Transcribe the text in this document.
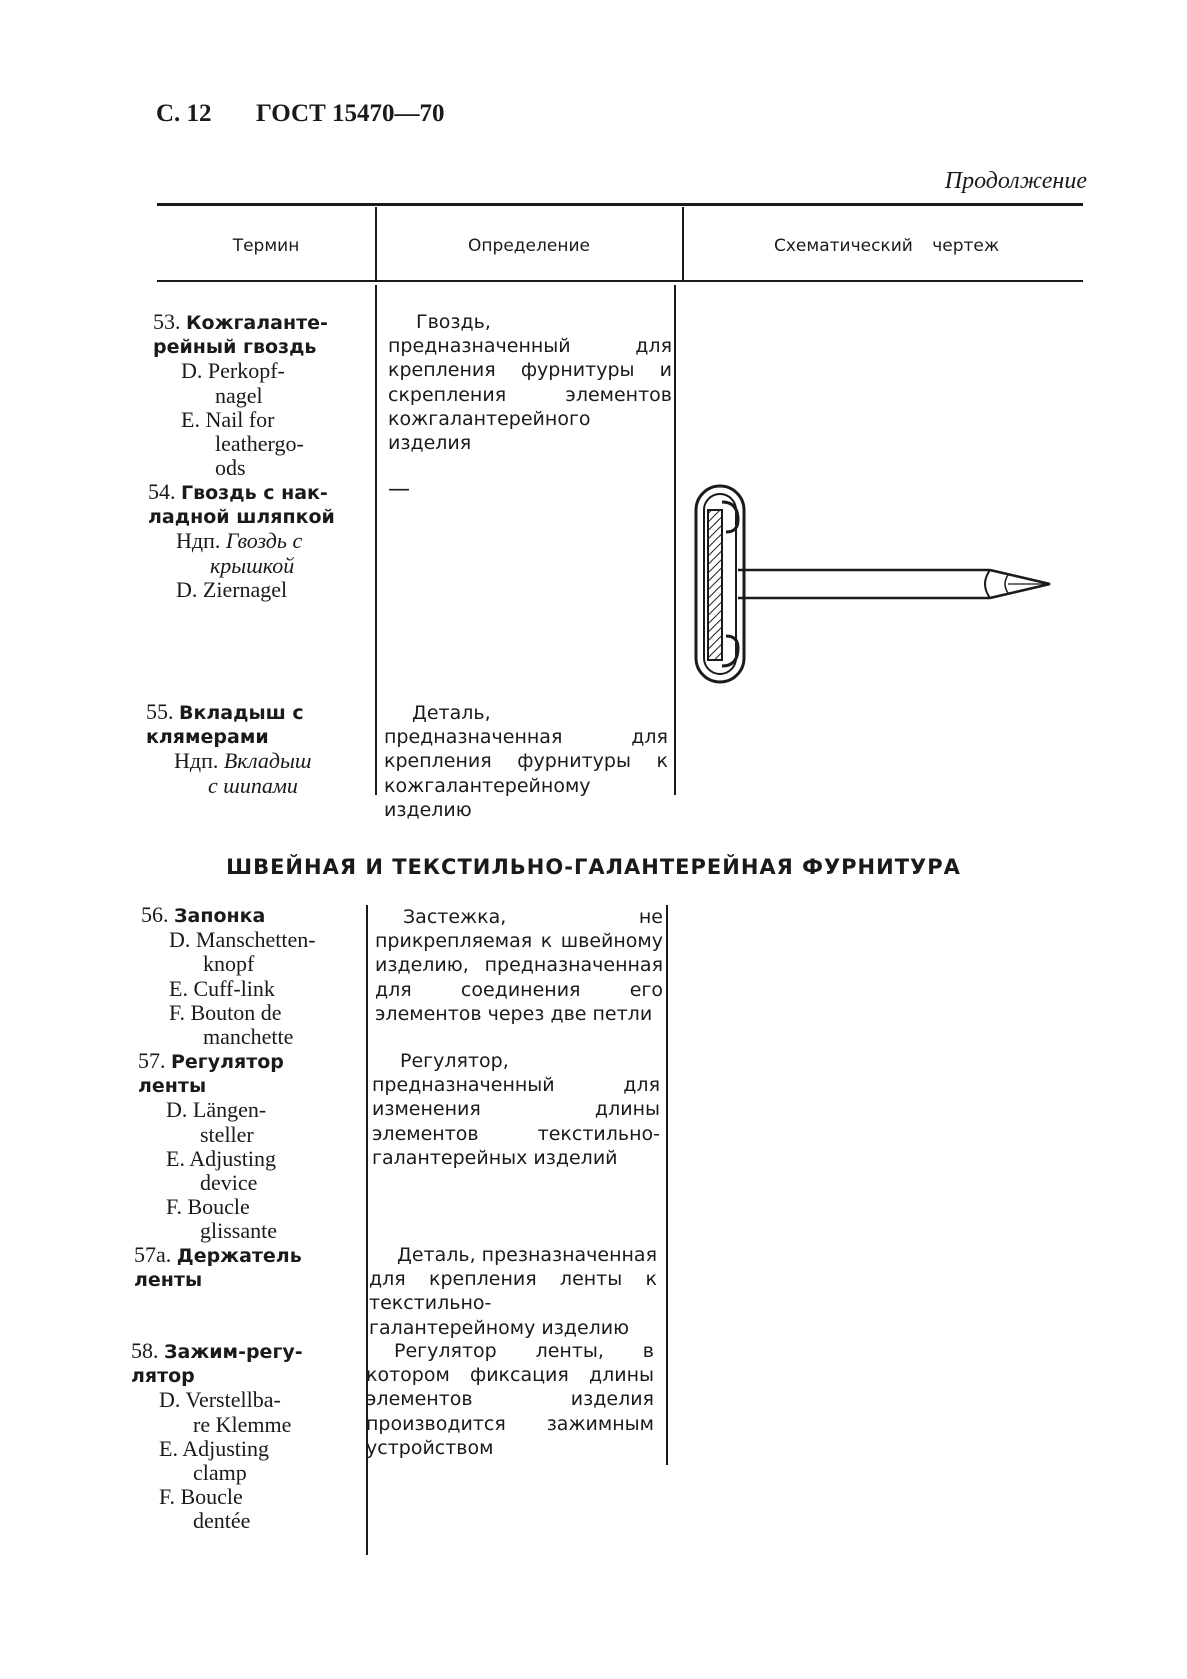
С. 12 ГОСТ 15470—70
Продолжение
Термин	Определение	Схематический чертеж
53. Кожгаланте-
рейный гвоздь
D. Perkopf-
nagel
E. Nail for
leathergo-
ods
Гвоздь, предназначенный для крепления фурнитуры и скрепления элементов кожгалантерейного изделия
54. Гвоздь с нак-
ладной шляпкой
Ндп. Гвоздь с
крышкой
D. Ziernagel
—
55. Вкладыш с
клямерами
Ндп. Вкладыш
с шипами
Деталь, предназначенная для крепления фурнитуры к кожгалантерейному изделию
ШВЕЙНАЯ И ТЕКСТИЛЬНО-ГАЛАНТЕРЕЙНАЯ ФУРНИТУРА
56. Запонка
D. Manschetten-
knopf
E. Cuff-link
F. Bouton de
manchette
Застежка, не прикрепляемая к швейному изделию, предназначенная для соединения его элементов через две петли
57. Регулятор
ленты
D. Längen-
steller
E. Adjusting
device
F. Boucle
glissante
Регулятор, предназначенный для изменения длины элементов текстильно-галантерейных изделий
57а. Держатель
ленты
Деталь, презназначенная для крепления ленты к текстильно-галантерейному изделию
58. Зажим-регу-
лятор
D. Verstellba-
re Klemme
E. Adjusting
clamp
F. Boucle
dentée
Регулятор ленты, в котором фиксация длины элементов изделия производится зажимным устройством
